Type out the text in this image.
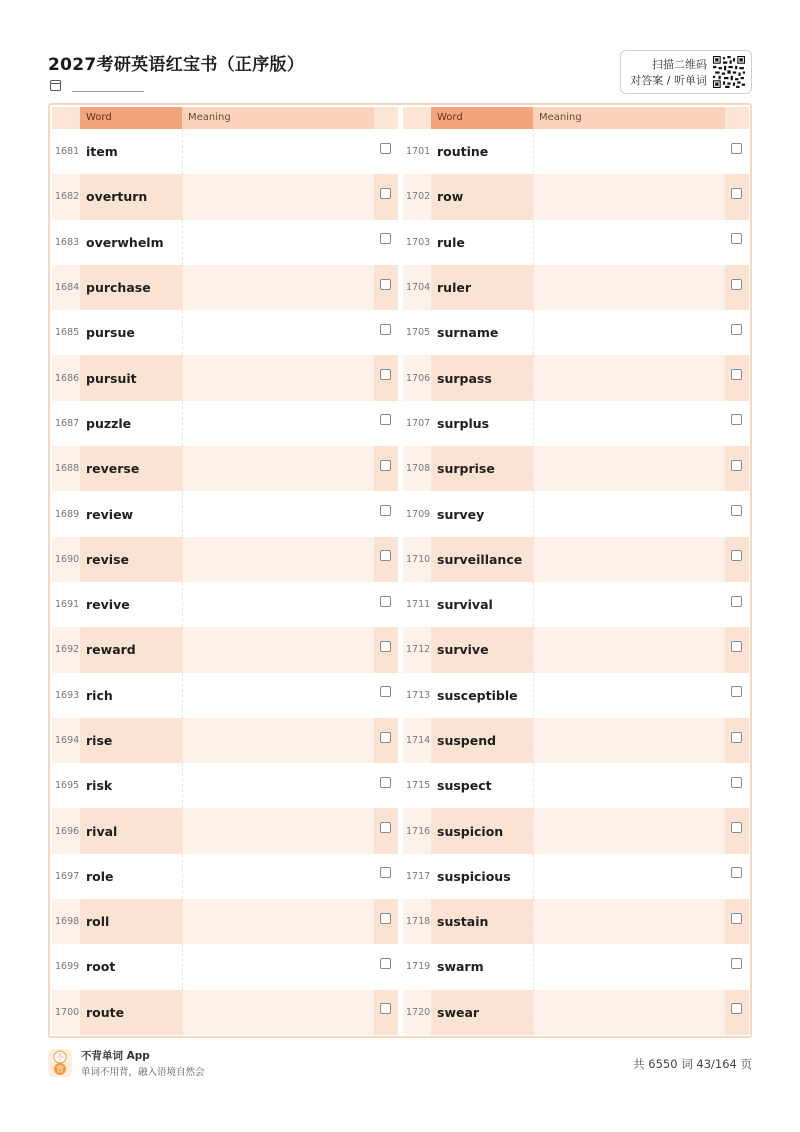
2027考研英语红宝书（正序版）	扫描二维码
对答案 / 听单词
Word	Meaning
1681 item
1682 overturn
1683 overwhelm
1684 purchase
1685 pursue
1686 pursuit
1687 puzzle
1688 reverse
1689 review
1690 revise
1691 revive
1692 reward
1693 rich
1694 rise
1695 risk
1696 rival
1697 role
1698 roll
1699 root
1700 route
Word	Meaning
1701 routine
1702 row
1703 rule
1704 ruler
1705 surname
1706 surpass
1707 surplus
1708 surprise
1709 survey
1710 surveillance
1711 survival
1712 survive
1713 susceptible
1714 suspend
1715 suspect
1716 suspicion
1717 suspicious
1718 sustain
1719 swarm
1720 swear
不
背
不背单词 App
单词不用背，融入语境自然会
共 6550 词 43/164 页
